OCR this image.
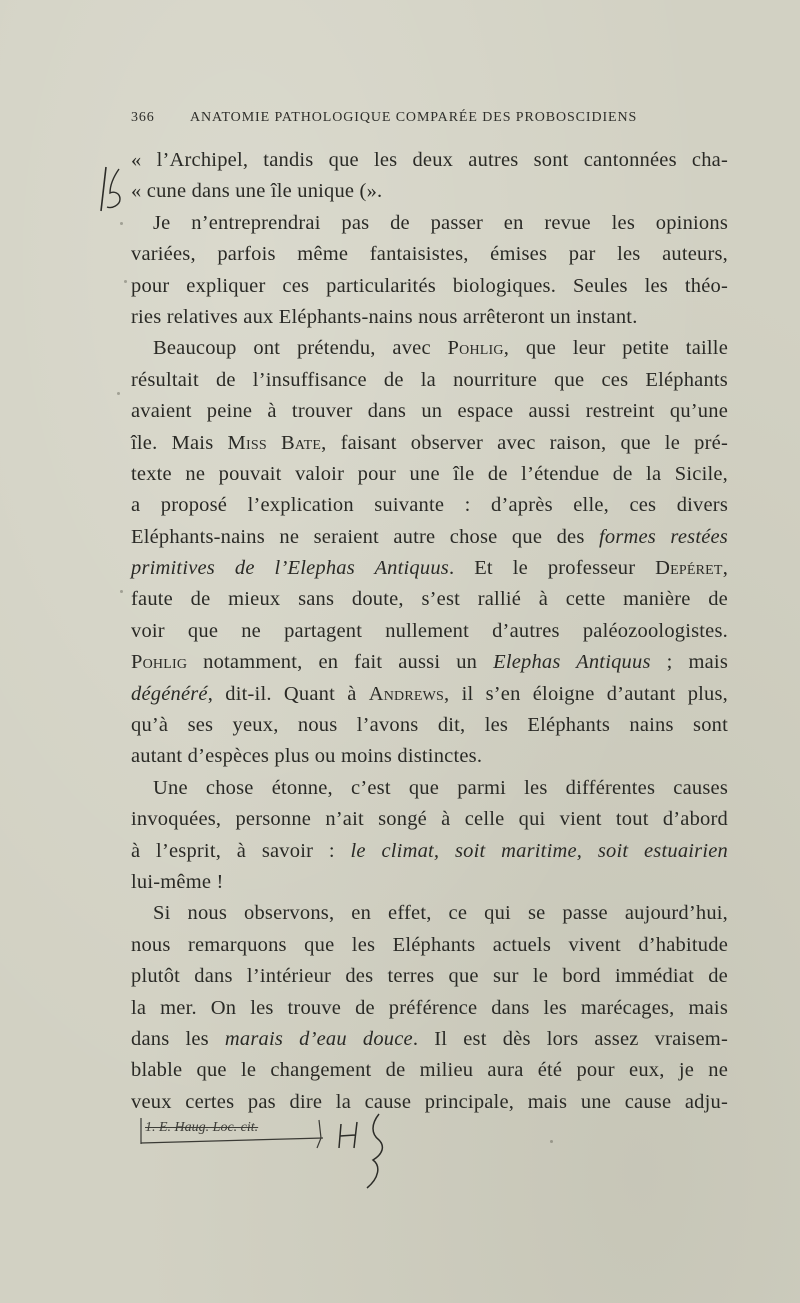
366	ANATOMIE PATHOLOGIQUE COMPARÉE DES PROBOSCIDIENS
« l’Archipel, tandis que les deux autres sont cantonnées cha-
« cune dans une île unique (».
Je n’entreprendrai pas de passer en revue les opinions
variées, parfois même fantaisistes, émises par les auteurs,
pour expliquer ces particularités biologiques. Seules les théo-
ries relatives aux Eléphants-nains nous arrêteront un instant.
Beaucoup ont prétendu, avec Pohlig, que leur petite taille
résultait de l’insuffisance de la nourriture que ces Eléphants
avaient peine à trouver dans un espace aussi restreint qu’une
île. Mais Miss Bate, faisant observer avec raison, que le pré-
texte ne pouvait valoir pour une île de l’étendue de la Sicile,
a proposé l’explication suivante : d’après elle, ces divers
Eléphants-nains ne seraient autre chose que des formes restées
primitives de l’Elephas Antiquus. Et le professeur Depéret,
faute de mieux sans doute, s’est rallié à cette manière de
voir que ne partagent nullement d’autres paléozoologistes.
Pohlig notamment, en fait aussi un Elephas Antiquus ; mais
dégénéré, dit-il. Quant à Andrews, il s’en éloigne d’autant plus,
qu’à ses yeux, nous l’avons dit, les Eléphants nains sont
autant d’espèces plus ou moins distinctes.
Une chose étonne, c’est que parmi les différentes causes
invoquées, personne n’ait songé à celle qui vient tout d’abord
à l’esprit, à savoir : le climat, soit maritime, soit estuairien
lui-même !
Si nous observons, en effet, ce qui se passe aujourd’hui,
nous remarquons que les Eléphants actuels vivent d’habitude
plutôt dans l’intérieur des terres que sur le bord immédiat de
la mer. On les trouve de préférence dans les marécages, mais
dans les marais d’eau douce. Il est dès lors assez vraisem-
blable que le changement de milieu aura été pour eux, je ne
veux certes pas dire la cause principale, mais une cause adju-
1. E. Haug. Loc. cit.
